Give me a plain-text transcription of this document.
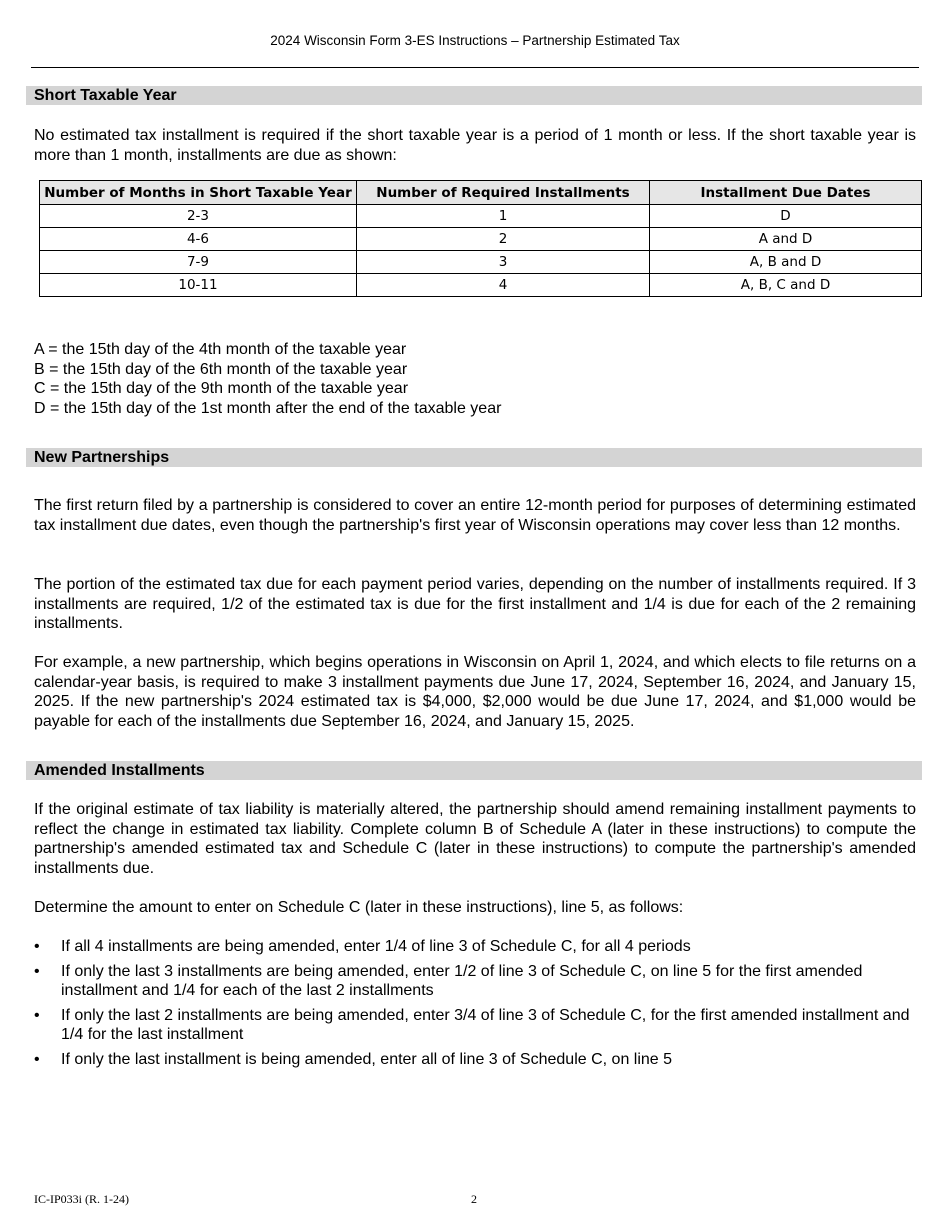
2024 Wisconsin Form 3-ES Instructions – Partnership Estimated Tax
Short Taxable Year

No estimated tax installment is required if the short taxable year is a period of 1 month or less. If the short taxable year is more than 1 month, installments are due as shown:

Number of Months in Short Taxable Year	Number of Required Installments	Installment Due Dates
2-3	1	D
4-6	2	A and D
7-9	3	A, B and D
10-11	4	A, B, C and D
A = the 15th day of the 4th month of the taxable year
B = the 15th day of the 6th month of the taxable year
C = the 15th day of the 9th month of the taxable year
D = the 15th day of the 1st month after the end of the taxable year
New Partnerships

The first return filed by a partnership is considered to cover an entire 12-month period for purposes of determining estimated tax installment due dates, even though the partnership's first year of Wisconsin operations may cover less than 12 months.

The portion of the estimated tax due for each payment period varies, depending on the number of installments required. If 3 installments are required, 1/2 of the estimated tax is due for the first installment and 1/4 is due for each of the 2 remaining installments.

For example, a new partnership, which begins operations in Wisconsin on April 1, 2024, and which elects to file returns on a calendar-year basis, is required to make 3 installment payments due June 17, 2024, September 16, 2024, and January 15, 2025. If the new partnership's 2024 estimated tax is $4,000, $2,000 would be due June 17, 2024, and $1,000 would be payable for each of the installments due September 16, 2024, and January 15, 2025.

Amended Installments

If the original estimate of tax liability is materially altered, the partnership should amend remaining installment payments to reflect the change in estimated tax liability. Complete column B of Schedule A (later in these instructions) to compute the partnership's amended estimated tax and Schedule C (later in these instructions) to compute the partnership's amended installments due.

Determine the amount to enter on Schedule C (later in these instructions), line 5, as follows:

• If all 4 installments are being amended, enter 1/4 of line 3 of Schedule C, for all 4 periods
• If only the last 3 installments are being amended, enter 1/2 of line 3 of Schedule C, on line 5 for the first amended installment and 1/4 for each of the last 2 installments
• If only the last 2 installments are being amended, enter 3/4 of line 3 of Schedule C, for the first amended installment and 1/4 for the last installment
• If only the last installment is being amended, enter all of line 3 of Schedule C, on line 5
IC-IP033i (R. 1-24)	2
